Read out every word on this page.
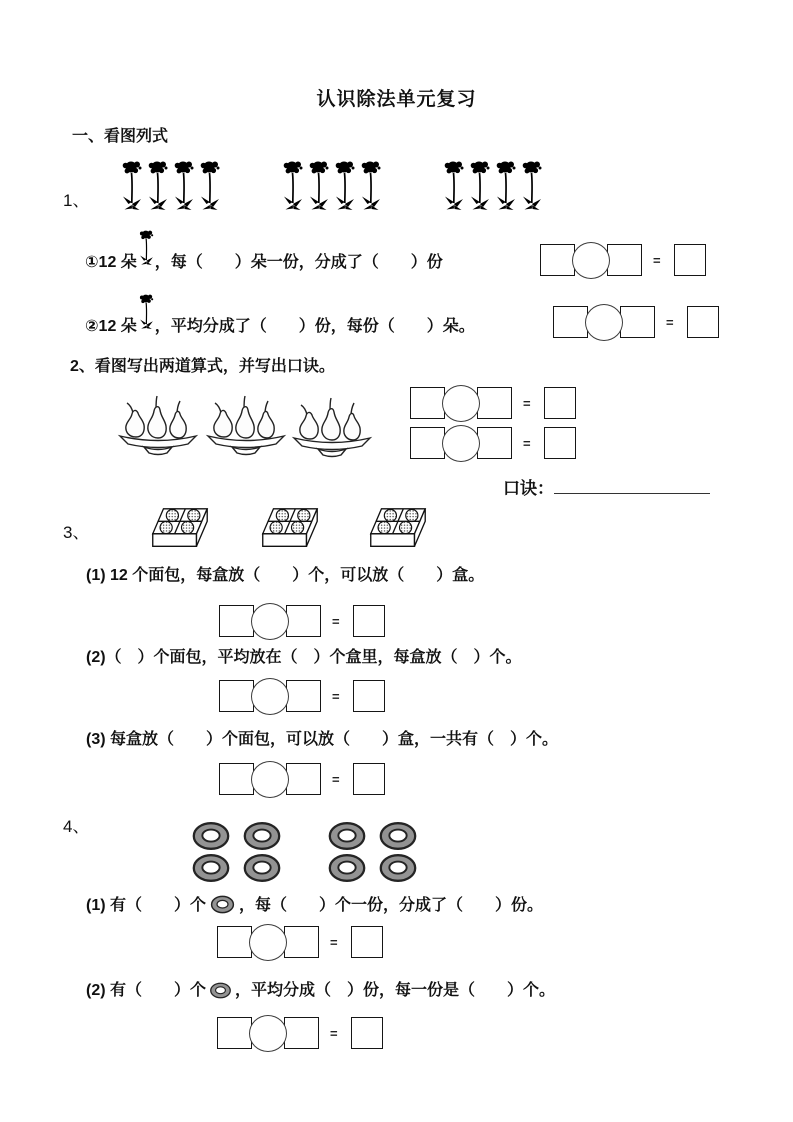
认识除法单元复习
一、看图列式
1、
①12 朵 ，每（　　）朵一份，分成了（　　）份	=
②12 朵 ，平均分成了（　　）份，每份（　　）朵。	=
2、看图写出两道算式，并写出口诀。
=
=
口诀：
3、
(1) 12 个面包，每盒放（　　）个，可以放（　　）盒。
=
(2)（　）个面包，平均放在（　）个盒里，每盒放（　）个。
=
(3) 每盒放（　　）个面包，可以放（　　）盒，一共有（　）个。
=
4、
(1) 有（　　）个 ，每（　　）个一份，分成了（　　）份。
=
(2) 有（　　）个 ，平均分成（　）份，每一份是（　　）个。
=
